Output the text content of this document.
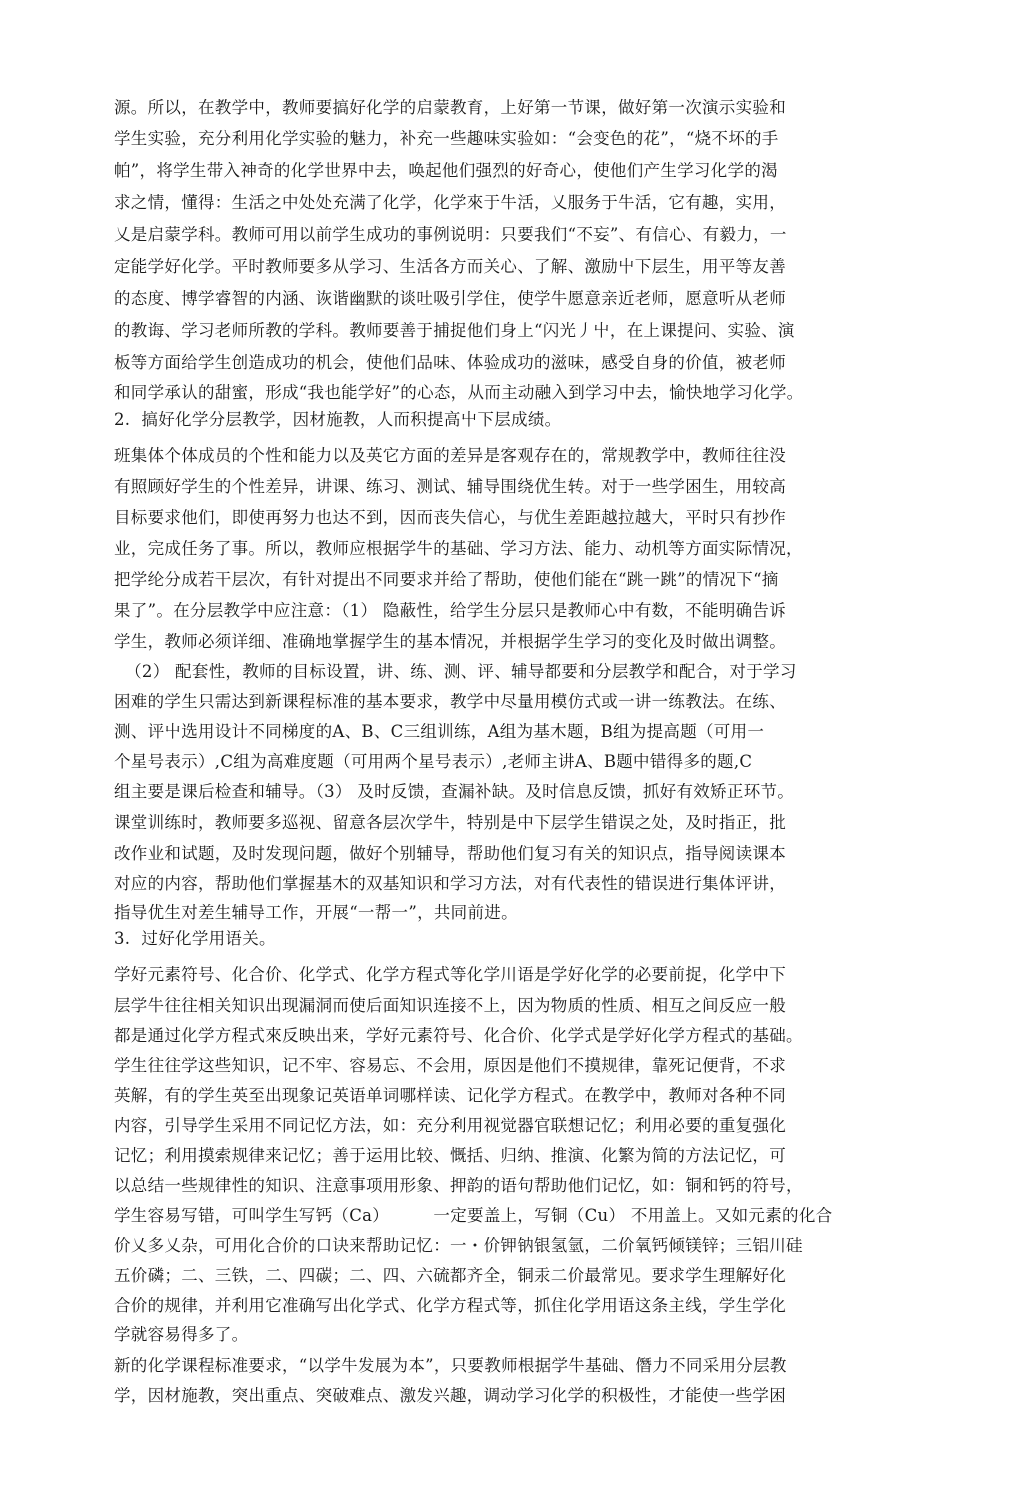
源。所以，在教学中，教师要搞好化学的启蒙教育，上好第一节课，做好第一次演示实验和
学生实验，充分利用化学实验的魅力，补充一些趣味实验如：“会变色的花”，“烧不坏的手
帕”，将学生带入神奇的化学世界中去，唤起他们强烈的好奇心，使他们产生学习化学的渴
求之情，懂得：生活之中处处充满了化学，化学來于牛活，乂服务于牛活，它有趣，实用，
乂是启蒙学科。教师可用以前学生成功的事例说明：只要我们“不妄”、有信心、有毅力，一
定能学好化学。平时教师要多从学习、生活各方而关心、了解、激励屮下层生，用平等友善
的态度、博学睿智的内涵、诙谐幽默的谈吐吸引学住，使学牛愿意亲近老师，愿意听从老师
的教诲、学习老师所教的学科。教师要善于捕捉他们身上“闪光丿屮，在上课提问、实验、演
板等方面给学生创造成功的机会，使他们品味、体验成功的滋味，感受自身的价值，被老师
和同学承认的甜蜜，形成“我也能学好”的心态，从而主动融入到学习中去，愉快地学习化学。
2.  搞好化学分层教学，因材施教，人而积提高屮下层成绩。
班集体个体成员的个性和能力以及英它方面的差异是客观存在的，常规教学中，教师往往没
有照顾好学生的个性差异，讲课、练习、测试、辅导围绕优生转。对于一些学困生，用较高
目标要求他们，即使再努力也达不到，因而丧失信心，与优生差距越拉越大，平时只有抄作
业，完成任务了事。所以，教师应根据学牛的基础、学习方法、能力、动机等方面实际情况，
把学纶分成若干层次，有针对提出不同要求并给了帮助，使他们能在“跳一跳”的情况下“摘
果了”。在分层教学中应注意：（1） 隐蔽性，给学生分层只是教师心中有数，不能明确告诉
学生，教师必须详细、准确地掌握学生的基本情况，并根据学生学习的变化及时做出调整。
（2） 配套性，教师的目标设置，讲、练、测、评、辅导都要和分层教学和配合，对于学习
困难的学生只需达到新课程标准的基本要求，教学中尽量用模仿式或一讲一练教法。在练、
测、评屮选用设计不同梯度的A、B、C三组训练，A组为基木题，B组为提高题（可用一
个星号表示）,C组为高难度题（可用两个星号表示）,老师主讲A、B题中错得多的题,C
组主要是课后检查和辅导。（3） 及时反馈，查漏补缺。及时信息反馈，抓好有效矫正环节。
课堂训练时，教师要多巡视、留意各层次学牛，特别是中下层学生错误之处，及时指正，批
改作业和试题，及时发现问题，做好个别辅导，帮助他们复习有关的知识点，指导阅读课本
对应的内容，帮助他们掌握基木的双基知识和学习方法，对有代表性的错误进行集体评讲，
指导优生对差生辅导工作，开展“一帮一”，共同前进。
3.  过好化学用语关。
学好元素符号、化合价、化学式、化学方程式等化学川语是学好化学的必要前捉，化学中下
层学牛往往相关知识出现漏洞而使后面知识连接不上，因为物质的性质、相互之间反应一般
都是通过化学方程式來反映出来，学好元素符号、化合价、化学式是学好化学方程式的基础。
学生往往学这些知识，记不牢、容易忘、不会用，原因是他们不摸规律，靠死记便背，不求
英解，有的学生英至出现象记英语单词哪样读、记化学方程式。在教学中，教师对各种不同
内容，引导学生采用不同记忆方法，如：充分利用视觉器官联想记忆；利用必要的重复强化
记忆；利用摸索规律来记忆；善于运用比较、慨括、归纳、推演、化繁为简的方法记忆，可
以总结一些规律性的知识、注意事项用形象、押韵的语句帮助他们记忆，如：铜和钙的符号，
学生容易写错，可叫学生写钙（Ca）        一定要盖上，写铜（Cu） 不用盖上。又如元素的化合
价乂多乂杂，可用化合价的口诀来帮助记忆：一・价钾钠银氢氫，二价氧钙倾镁锌；三铝川硅
五价磷；二、三铁，二、四碳；二、四、六硫都齐全，铜汞二价最常见。要求学生理解好化
合价的规律，并利用它准确写出化学式、化学方程式等，抓住化学用语这条主线，学生学化
学就容易得多了。
新的化学课程标准要求，“以学牛发展为本”，只要教师根据学牛基础、僭力不同采用分层教
学，因材施教，突出重点、突破难点、激发兴趣，调动学习化学的积极性，才能使一些学困
